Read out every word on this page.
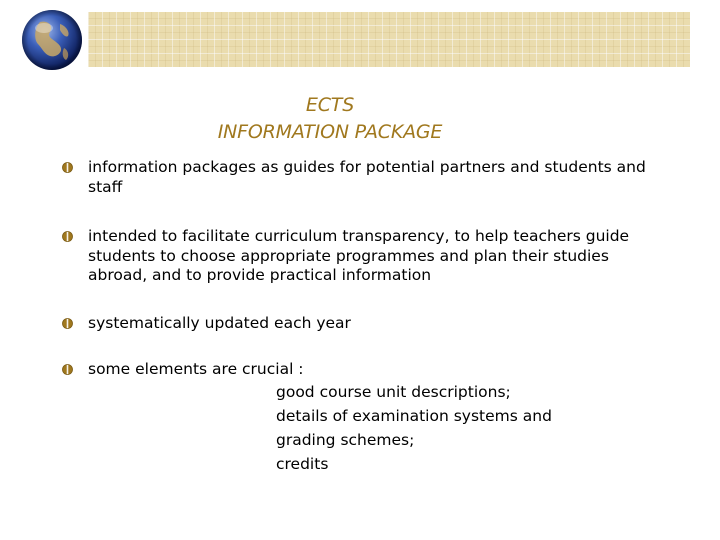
ECTS
INFORMATION PACKAGE
information packages as guides for potential partners and students and
staff
intended to facilitate curriculum transparency, to help teachers guide
students to choose appropriate programmes and plan their studies
abroad, and to provide practical information
systematically updated each year
some elements are crucial :
good course unit descriptions;
details of examination systems and
grading schemes;
credits
